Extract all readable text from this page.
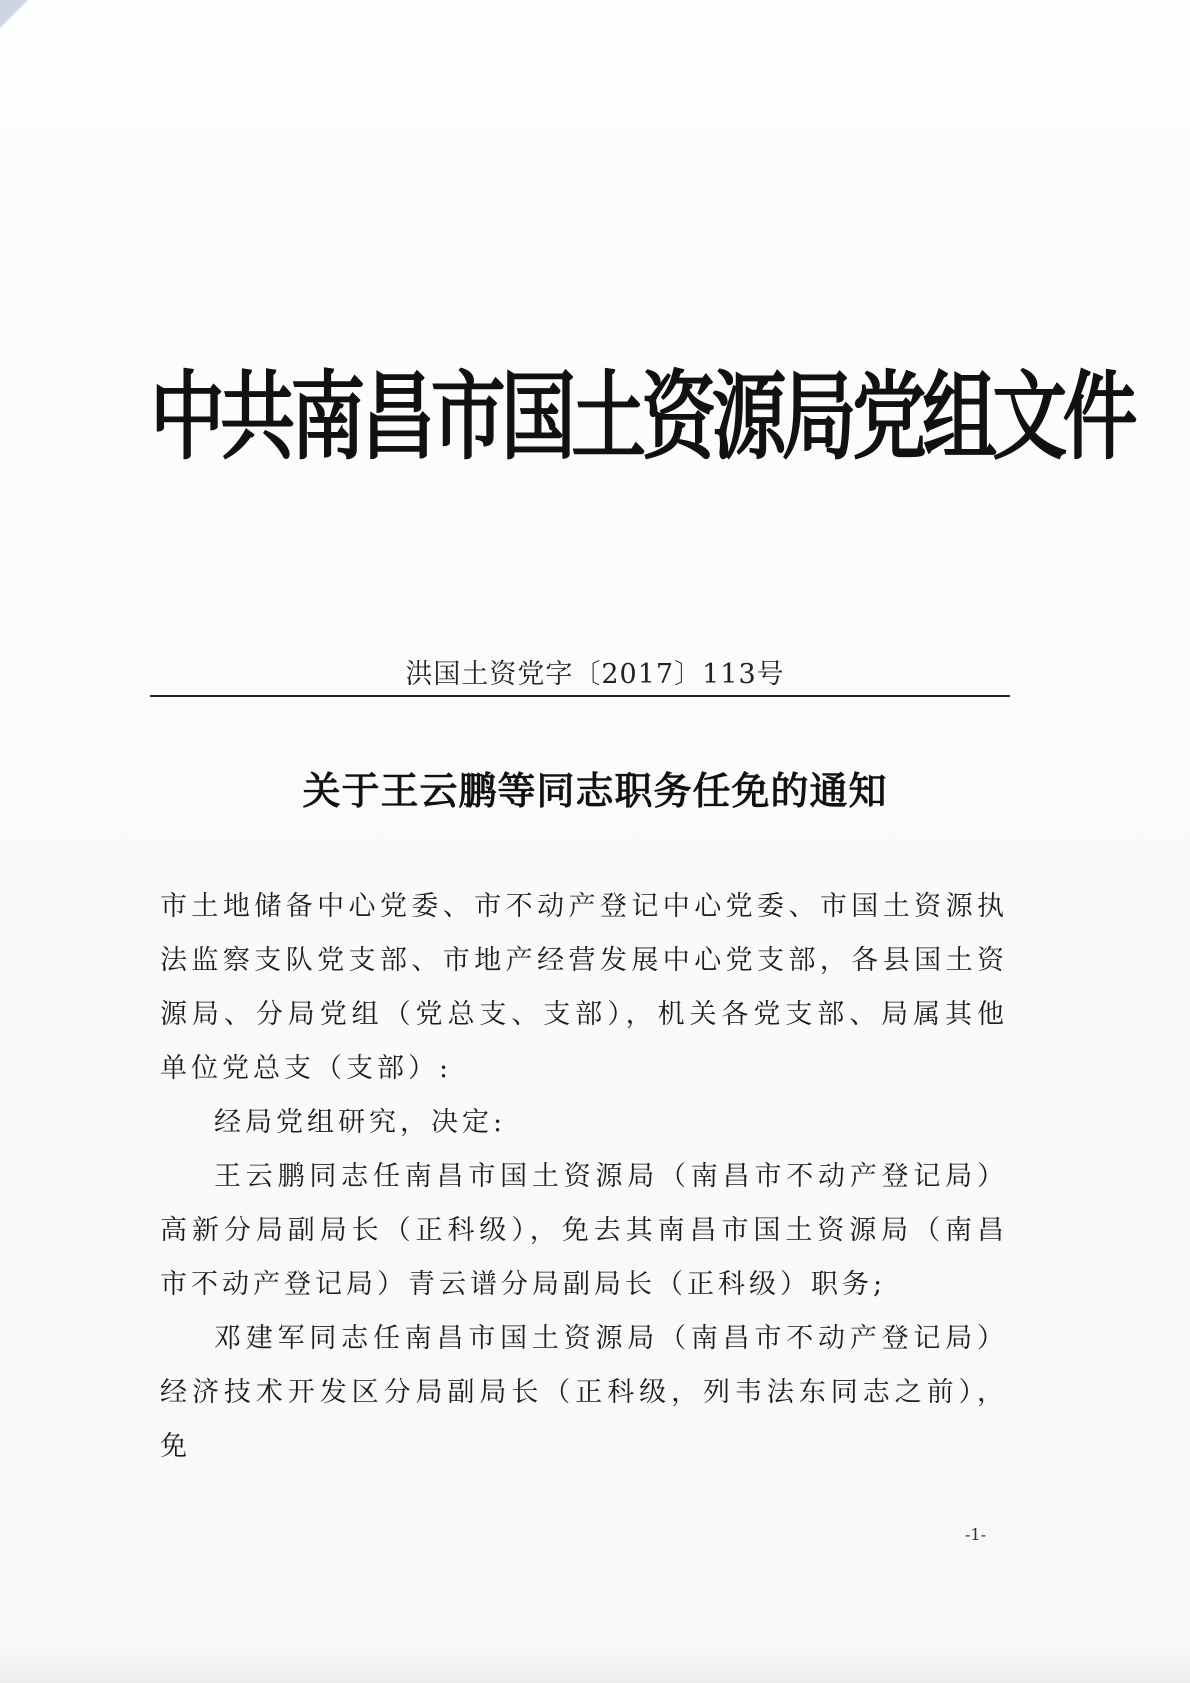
中共南昌市国土资源局党组文件
洪国土资党字〔2017〕113号
关于王云鹏等同志职务任免的通知

市土地储备中心党委、市不动产登记中心党委、市国土资源执法监察支队党支部、市地产经营发展中心党支部，各县国土资源局、分局党组（党总支、支部），机关各党支部、局属其他单位党总支（支部）:

经局党组研究，决定:

王云鹏同志任南昌市国土资源局（南昌市不动产登记局）高新分局副局长（正科级），免去其南昌市国土资源局（南昌市不动产登记局）青云谱分局副局长（正科级）职务;

邓建军同志任南昌市国土资源局（南昌市不动产登记局）经济技术开发区分局副局长（正科级，列韦法东同志之前），免

-1-
